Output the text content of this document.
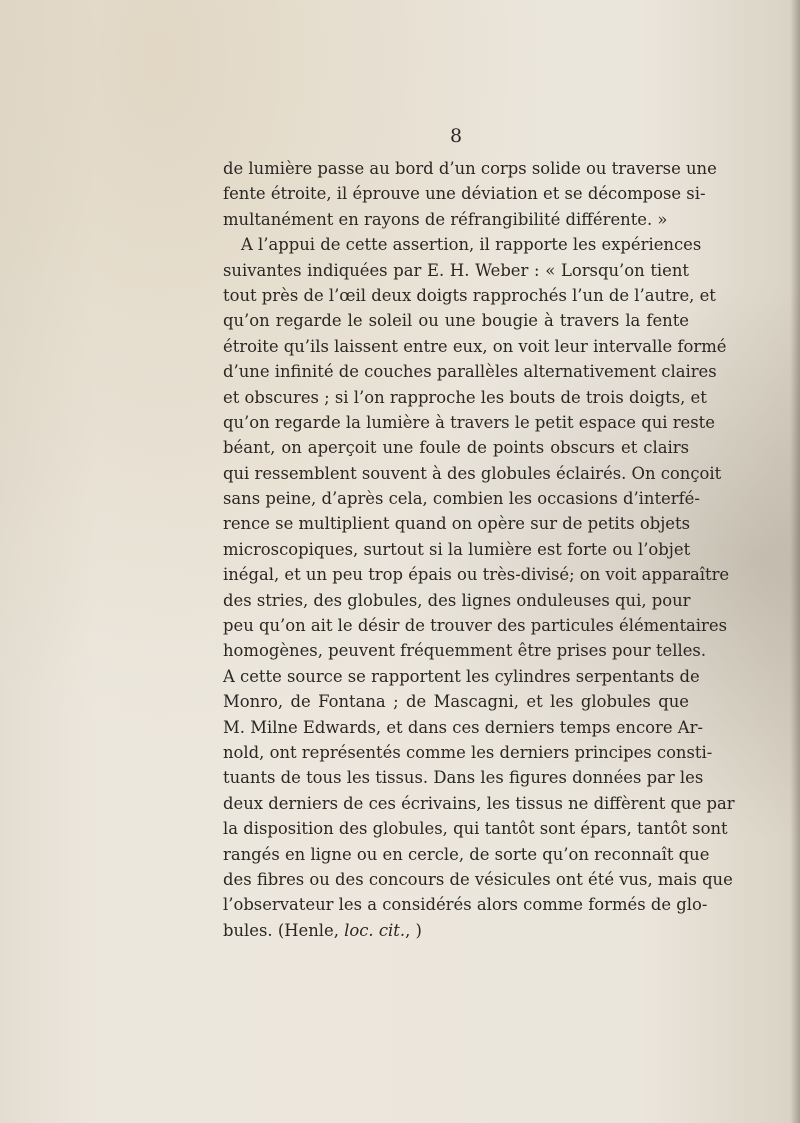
8
de lumière passe au bord d’un corps solide ou traverse une
fente étroite, il éprouve une déviation et se décompose si-
multanément en rayons de réfrangibilité différente. »
A l’appui de cette assertion, il rapporte les expériences
suivantes indiquées par E. H. Weber : « Lorsqu’on tient
tout près de l’œil deux doigts rapprochés l’un de l’autre, et
qu’on regarde le soleil ou une bougie à travers la fente
étroite qu’ils laissent entre eux, on voit leur intervalle formé
d’une infinité de couches parallèles alternativement claires
et obscures ; si l’on rapproche les bouts de trois doigts, et
qu’on regarde la lumière à travers le petit espace qui reste
béant, on aperçoit une foule de points obscurs et clairs
qui ressemblent souvent à des globules éclairés. On conçoit
sans peine, d’après cela, combien les occasions d’interfé-
rence se multiplient quand on opère sur de petits objets
microscopiques, surtout si la lumière est forte ou l’objet
inégal, et un peu trop épais ou très-divisé; on voit apparaître
des stries, des globules, des lignes onduleuses qui, pour
peu qu’on ait le désir de trouver des particules élémentaires
homogènes, peuvent fréquemment être prises pour telles.
A cette source se rapportent les cylindres serpentants de
Monro, de Fontana ; de Mascagni, et les globules que
M. Milne Edwards, et dans ces derniers temps encore Ar-
nold, ont représentés comme les derniers principes consti-
tuants de tous les tissus. Dans les figures données par les
deux derniers de ces écrivains, les tissus ne diffèrent que par
la disposition des globules, qui tantôt sont épars, tantôt sont
rangés en ligne ou en cercle, de sorte qu’on reconnaît que
des fibres ou des concours de vésicules ont été vus, mais que
l’observateur les a considérés alors comme formés de glo-
bules. (Henle, loc. cit., )
